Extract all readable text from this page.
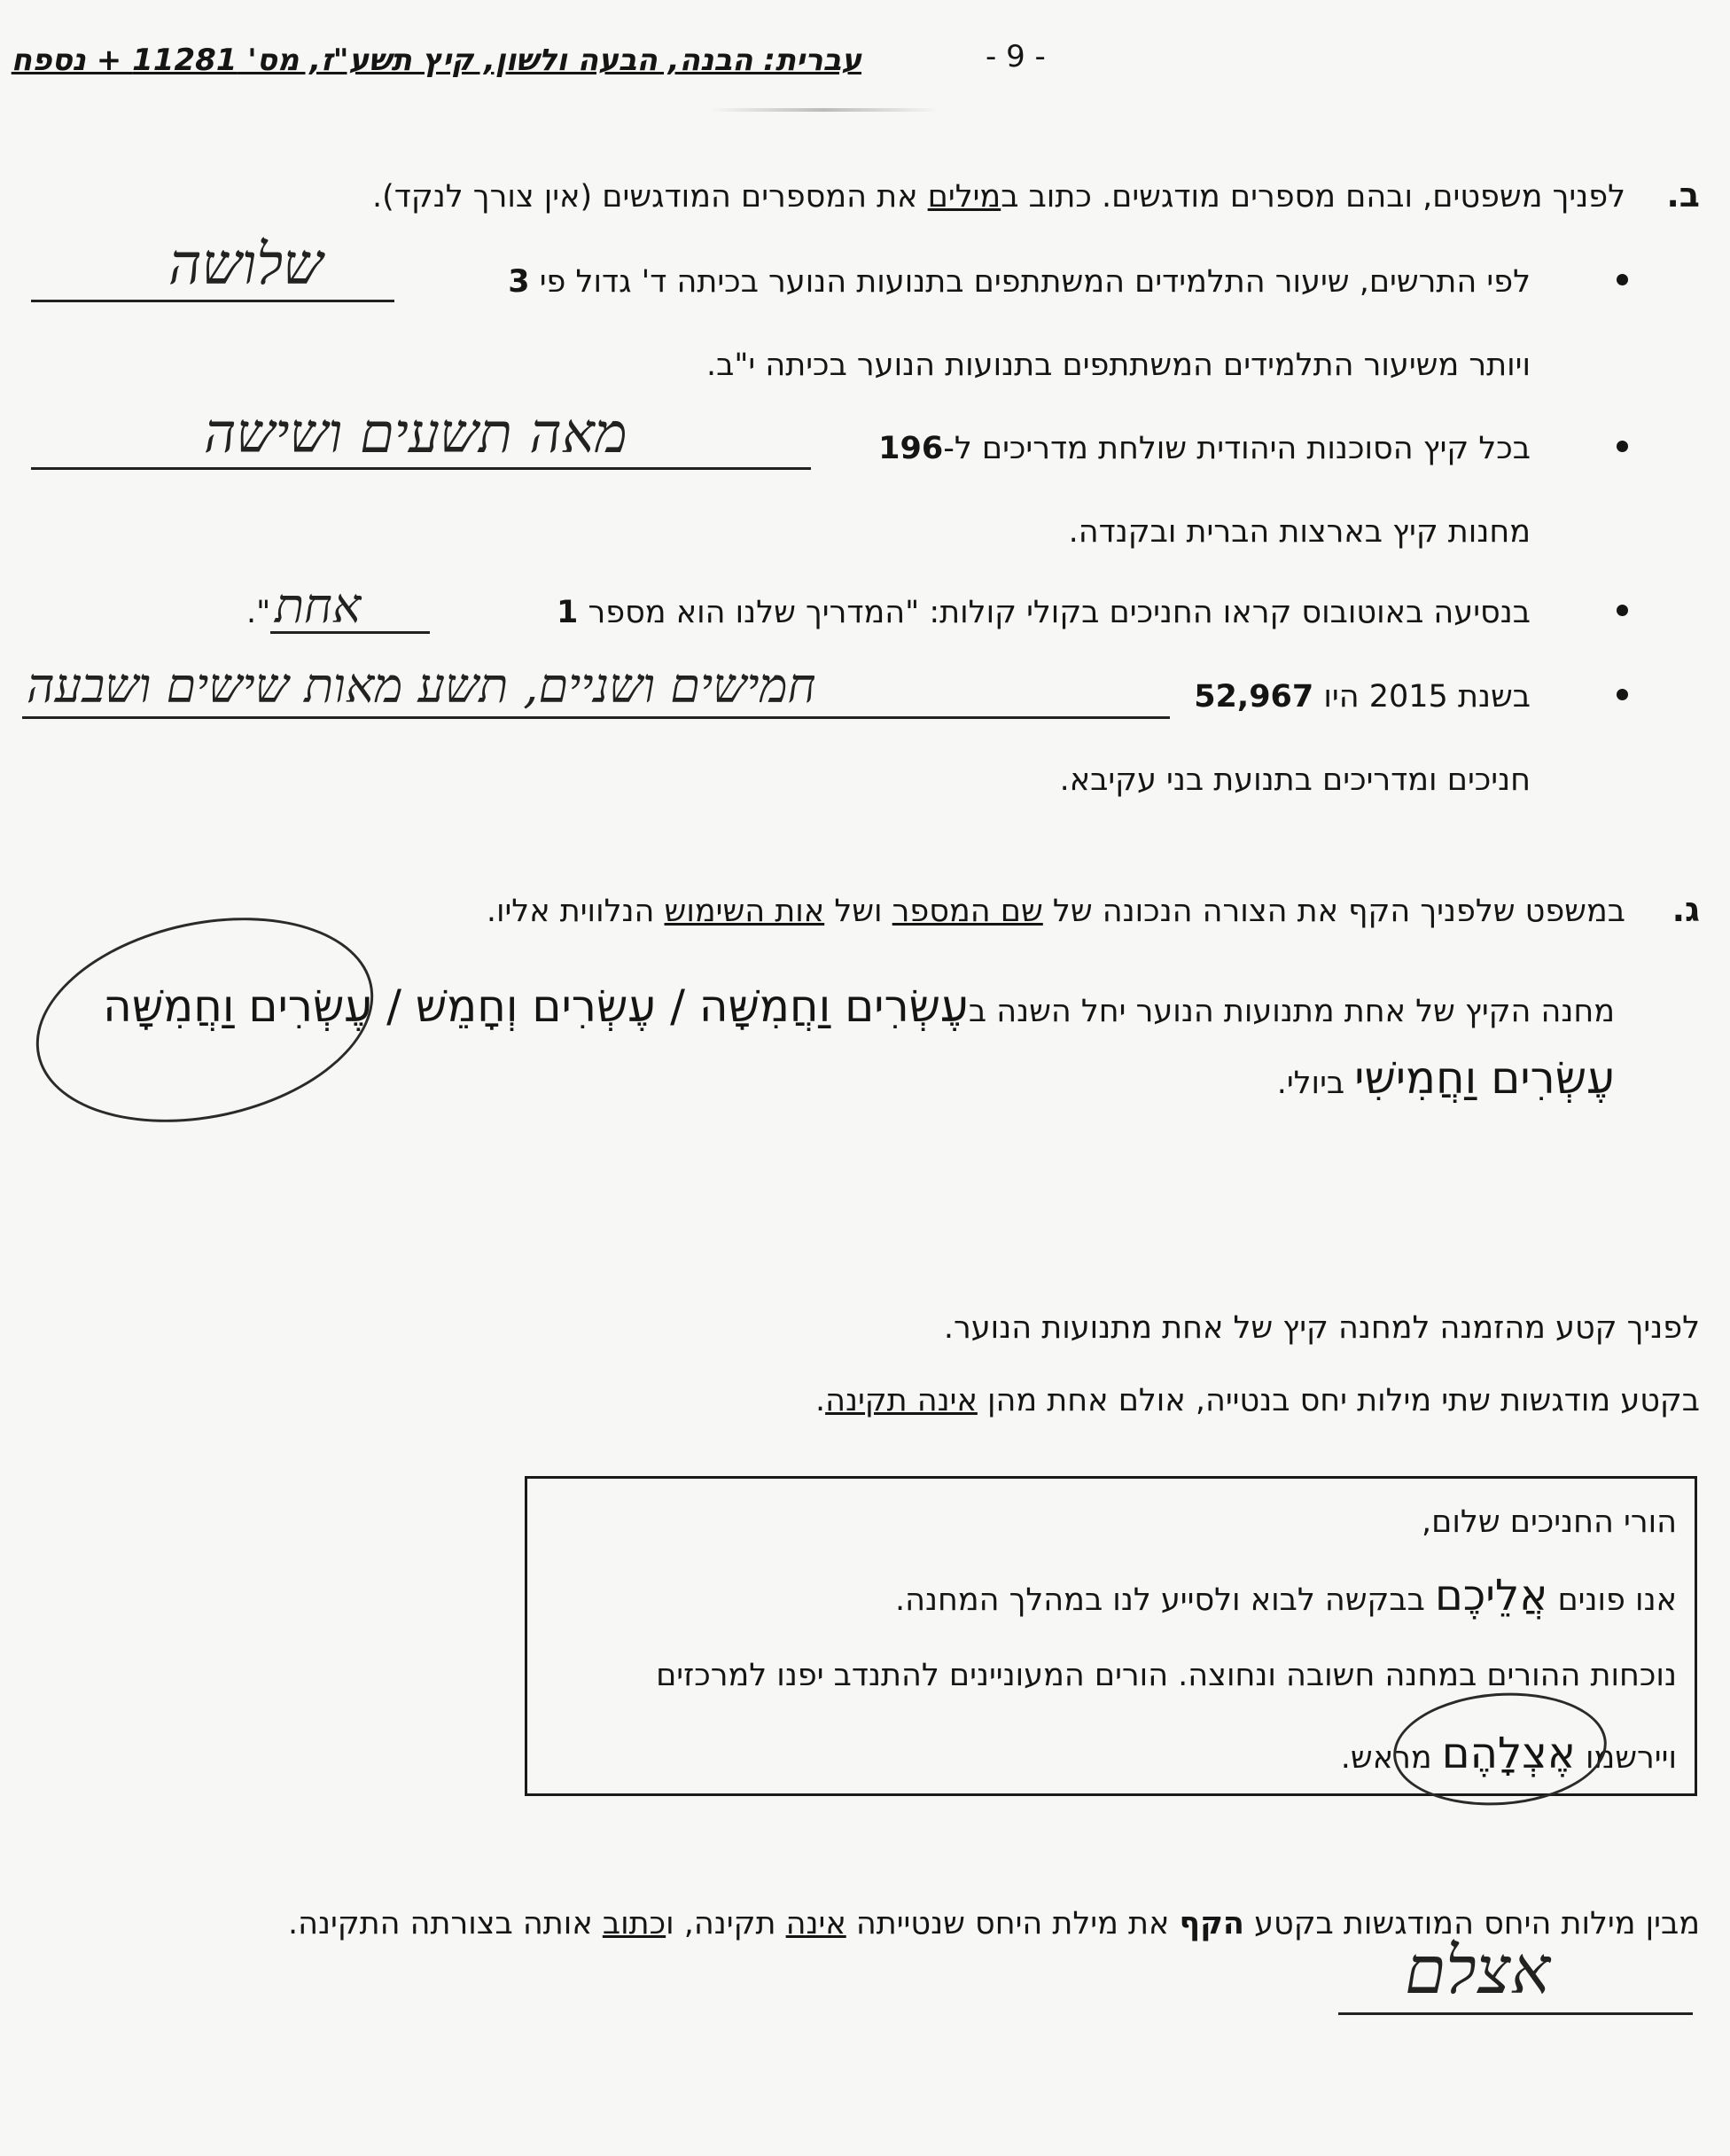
- 9 -
עברית: הבנה, הבעה ולשון, קיץ תשע"ז, מס' 11281 + נספח
ב.
לפניך משפטים, ובהם מספרים מודגשים. כתוב במילים את המספרים המודגשים (אין צורך לנקד).
לפי התרשים, שיעור התלמידים המשתתפים בתנועות הנוער בכיתה ד' גדול פי 3
שלושה
ויותר משיעור התלמידים המשתתפים בתנועות הנוער בכיתה י"ב.
בכל קיץ הסוכנות היהודית שולחת מדריכים ל-196
מאה תשעים ושישה
מחנות קיץ בארצות הברית ובקנדה.
בנסיעה באוטובוס קראו החניכים בקולי קולות: "המדריך שלנו הוא מספר 1
אחת
".
בשנת 2015 היו 52,967
חמישים ושניים, תשע מאות שישים ושבעה
חניכים ומדריכים בתנועת בני עקיבא.
ג.
במשפט שלפניך הקף את הצורה הנכונה של שם המספר ושל אות השימוש הנלווית אליו.
מחנה הקיץ של אחת מתנועות הנוער יחל השנה בעֶשְׂרִים וַחֲמִשָּׁה / עֶשְׂרִים וְחָמֵשׁ / עֶשְׂרִים וַחֲמִשָּׁה
עֶשְׂרִים וַחֲמִישִׁי ביולי.
לפניך קטע מהזמנה למחנה קיץ של אחת מתנועות הנוער.
בקטע מודגשות שתי מילות יחס בנטייה, אולם אחת מהן אינה תקינה.
הורי החניכים שלום,
אנו פונים אֲלֵיכֶם בבקשה לבוא ולסייע לנו במהלך המחנה.
נוכחות ההורים במחנה חשובה ונחוצה. הורים המעוניינים להתנדב יפנו למרכזים
ויירשמו אֶצְלָהֶם מראש.
מבין מילות היחס המודגשות בקטע הקף את מילת היחס שנטייתה אינה תקינה, וכתוב אותה בצורתה התקינה.
אצלם
